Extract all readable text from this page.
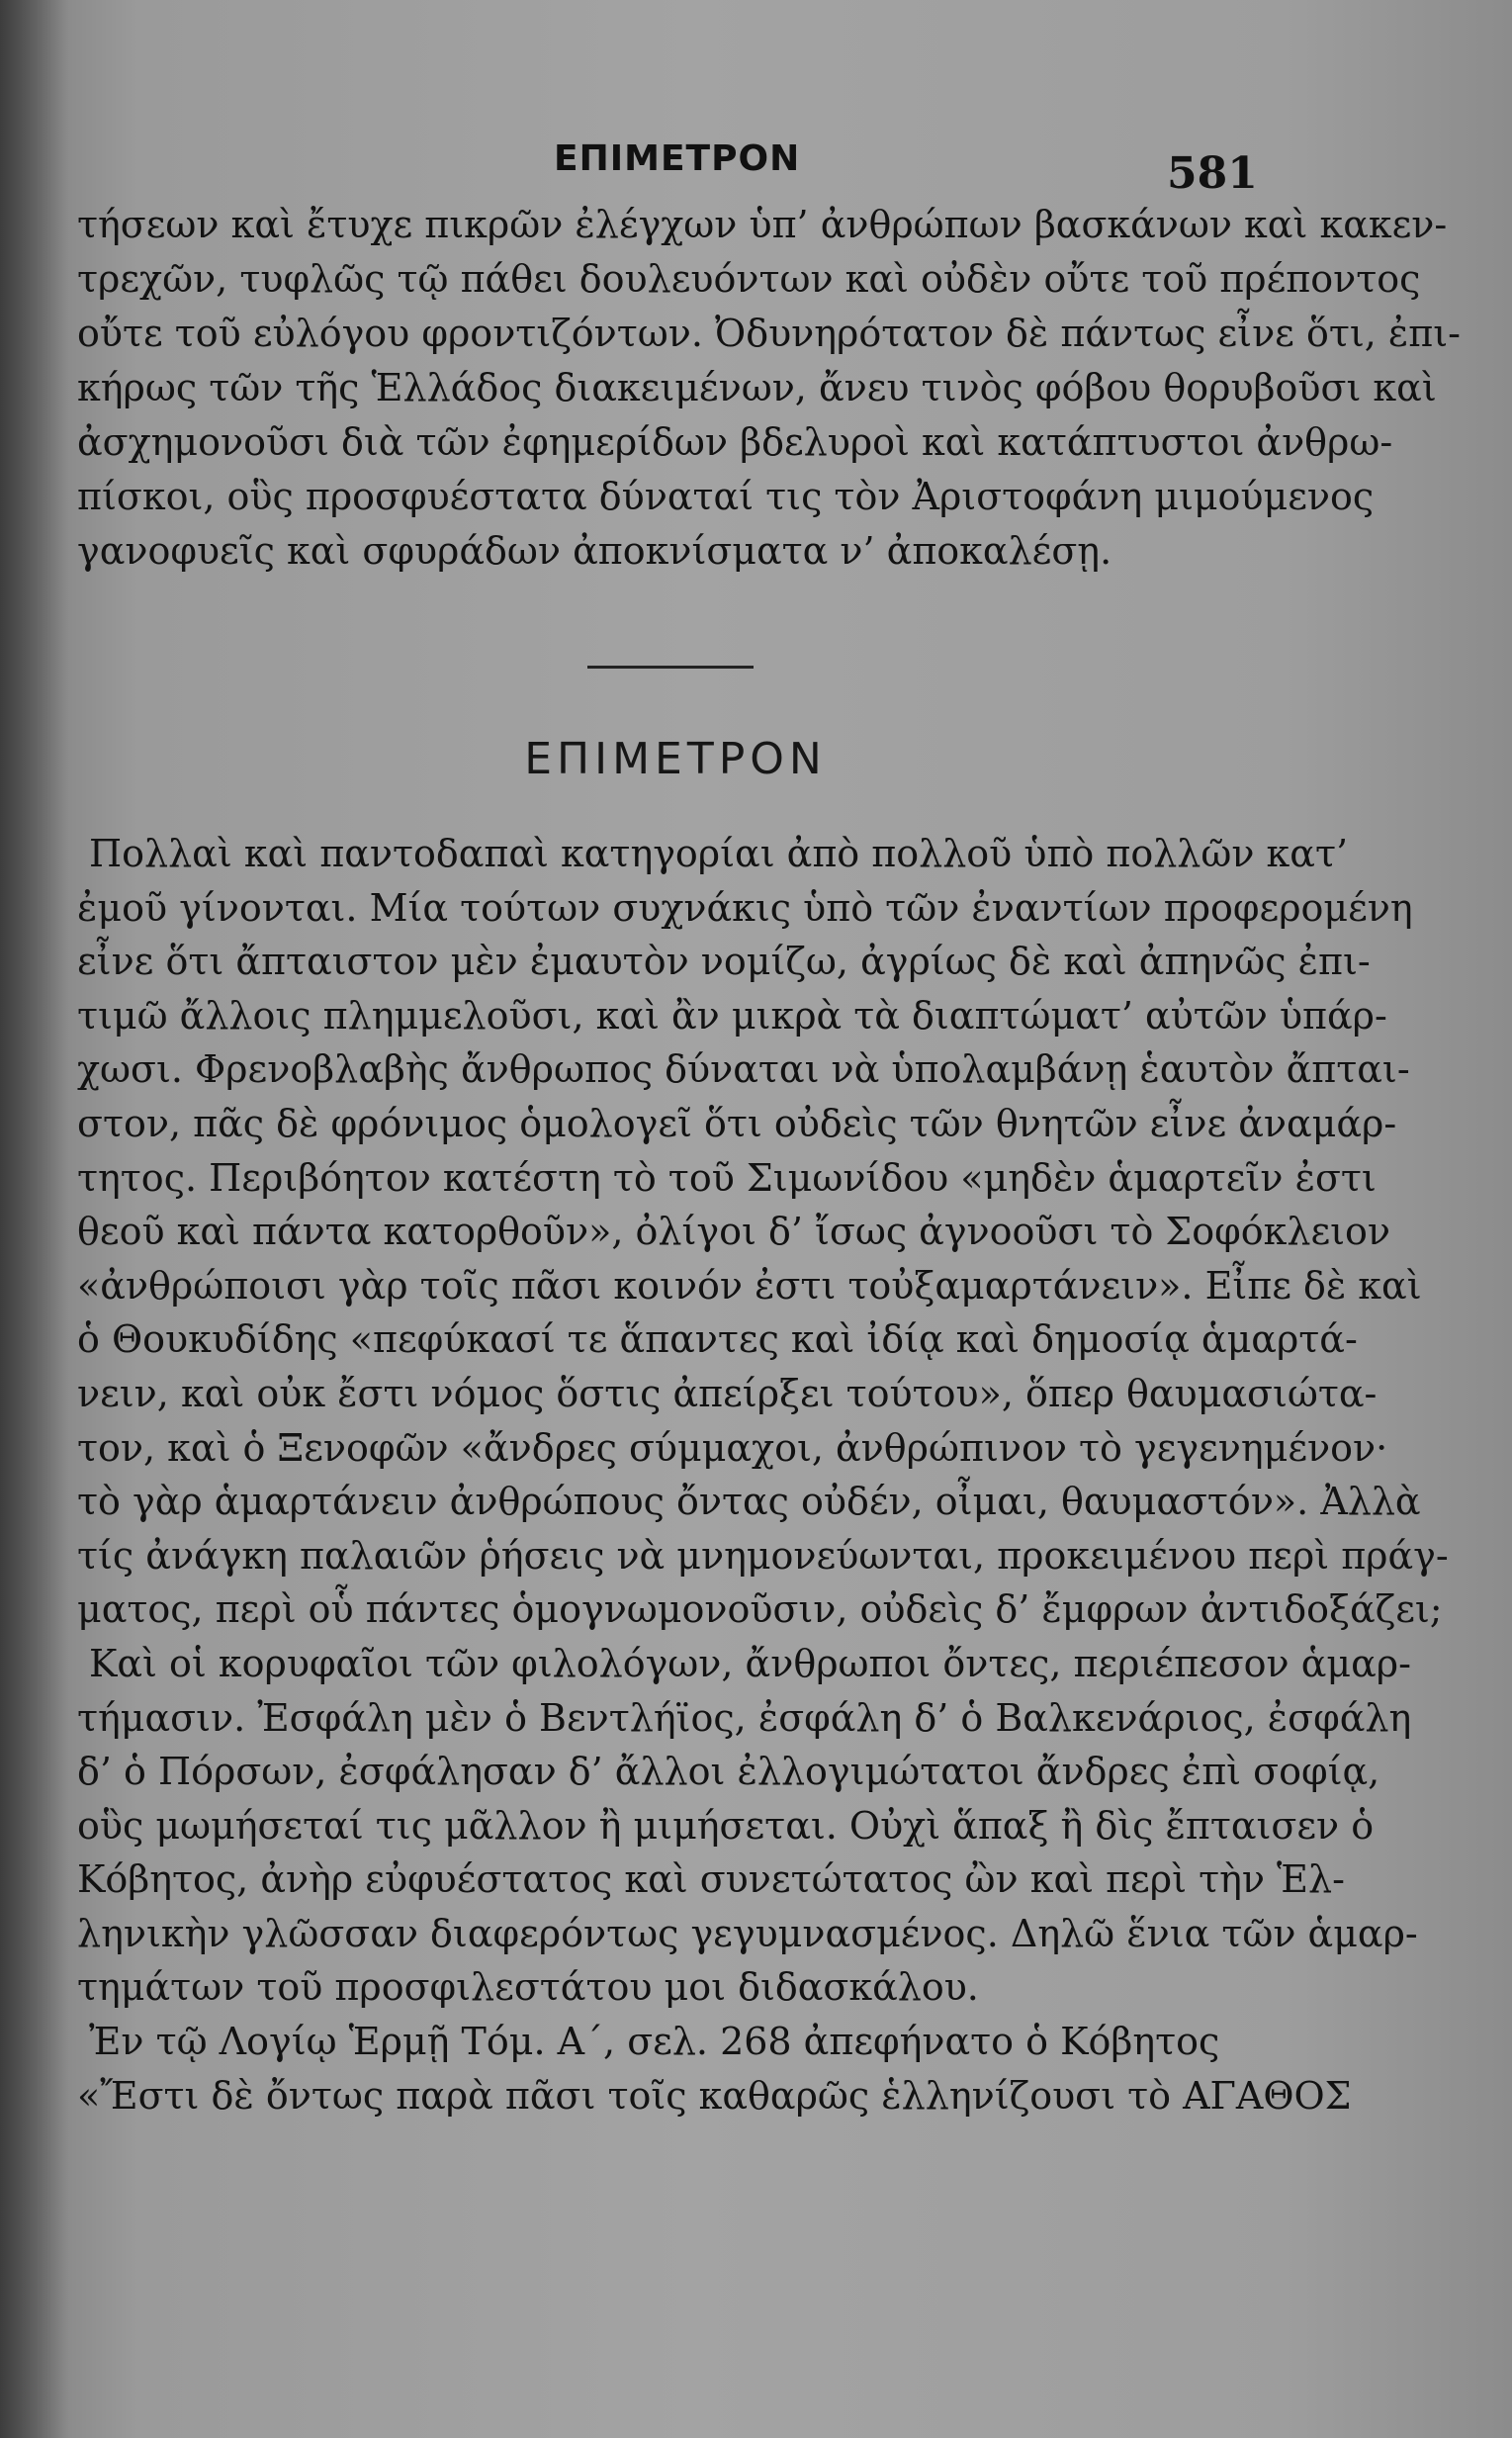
ΕΠΙΜΕΤΡΟΝ	581
τήσεων καὶ ἔτυχε πικρῶν ἐλέγχων ὑπ’ ἀνθρώπων βασκάνων καὶ κακεν-
τρεχῶν, τυφλῶς τῷ πάθει δουλευόντων καὶ οὐδὲν οὔτε τοῦ πρέποντος
οὔτε τοῦ εὐλόγου φροντιζόντων. Ὀδυνηρότατον δὲ πάντως εἶνε ὅτι, ἐπι-
κήρως τῶν τῆς Ἑλλάδος διακειμένων, ἄνευ τινὸς φόβου θορυβοῦσι καὶ
ἀσχημονοῦσι διὰ τῶν ἐφημερίδων βδελυροὶ καὶ κατάπτυστοι ἀνθρω-
πίσκοι, οὓς προσφυέστατα δύναταί τις τὸν Ἀριστοφάνη μιμούμενος
γανοφυεῖς καὶ σφυράδων ἀποκνίσματα ν’ ἀποκαλέσῃ.
ΕΠΙΜΕΤΡΟΝ
Πολλαὶ καὶ παντοδαπαὶ κατηγορίαι ἀπὸ πολλοῦ ὑπὸ πολλῶν κατ’
ἐμοῦ γίνονται. Μία τούτων συχνάκις ὑπὸ τῶν ἐναντίων προφερομένη
εἶνε ὅτι ἄπταιστον μὲν ἐμαυτὸν νομίζω, ἀγρίως δὲ καὶ ἀπηνῶς ἐπι-
τιμῶ ἄλλοις πλημμελοῦσι, καὶ ἂν μικρὰ τὰ διαπτώματ’ αὐτῶν ὑπάρ-
χωσι. Φρενοβλαβὴς ἄνθρωπος δύναται νὰ ὑπολαμβάνῃ ἑαυτὸν ἄπται-
στον, πᾶς δὲ φρόνιμος ὁμολογεῖ ὅτι οὐδεὶς τῶν θνητῶν εἶνε ἀναμάρ-
τητος. Περιβόητον κατέστη τὸ τοῦ Σιμωνίδου «μηδὲν ἁμαρτεῖν ἐστι
θεοῦ καὶ πάντα κατορθοῦν», ὀλίγοι δ’ ἴσως ἀγνοοῦσι τὸ Σοφόκλειον
«ἀνθρώποισι γὰρ τοῖς πᾶσι κοινόν ἐστι τοὐξαμαρτάνειν». Εἶπε δὲ καὶ
ὁ Θουκυδίδης «πεφύκασί τε ἅπαντες καὶ ἰδίᾳ καὶ δημοσίᾳ ἁμαρτά-
νειν, καὶ οὐκ ἔστι νόμος ὅστις ἀπείρξει τούτου», ὅπερ θαυμασιώτα-
τον, καὶ ὁ Ξενοφῶν «ἄνδρες σύμμαχοι, ἀνθρώπινον τὸ γεγενημένον·
τὸ γὰρ ἁμαρτάνειν ἀνθρώπους ὄντας οὐδέν, οἶμαι, θαυμαστόν». Ἀλλὰ
τίς ἀνάγκη παλαιῶν ῥήσεις νὰ μνημονεύωνται, προκειμένου περὶ πράγ-
ματος, περὶ οὗ πάντες ὁμογνωμονοῦσιν, οὐδεὶς δ’ ἔμφρων ἀντιδοξάζει;
Καὶ οἱ κορυφαῖοι τῶν φιλολόγων, ἄνθρωποι ὄντες, περιέπεσον ἁμαρ-
τήμασιν. Ἐσφάλη μὲν ὁ Βεντλήϊος, ἐσφάλη δ’ ὁ Βαλκενάριος, ἐσφάλη
δ’ ὁ Πόρσων, ἐσφάλησαν δ’ ἄλλοι ἐλλογιμώτατοι ἄνδρες ἐπὶ σοφίᾳ,
οὓς μωμήσεταί τις μᾶλλον ἢ μιμήσεται. Οὐχὶ ἅπαξ ἢ δὶς ἔπταισεν ὁ
Κόβητος, ἀνὴρ εὐφυέστατος καὶ συνετώτατος ὢν καὶ περὶ τὴν Ἑλ-
ληνικὴν γλῶσσαν διαφερόντως γεγυμνασμένος. Δηλῶ ἕνια τῶν ἁμαρ-
τημάτων τοῦ προσφιλεστάτου μοι διδασκάλου.
Ἐν τῷ Λογίῳ Ἑρμῇ Τόμ. Α΄, σελ. 268 ἀπεφήνατο ὁ Κόβητος
«Ἔστι δὲ ὄντως παρὰ πᾶσι τοῖς καθαρῶς ἑλληνίζουσι τὸ ΑΓΑΘΟΣ
